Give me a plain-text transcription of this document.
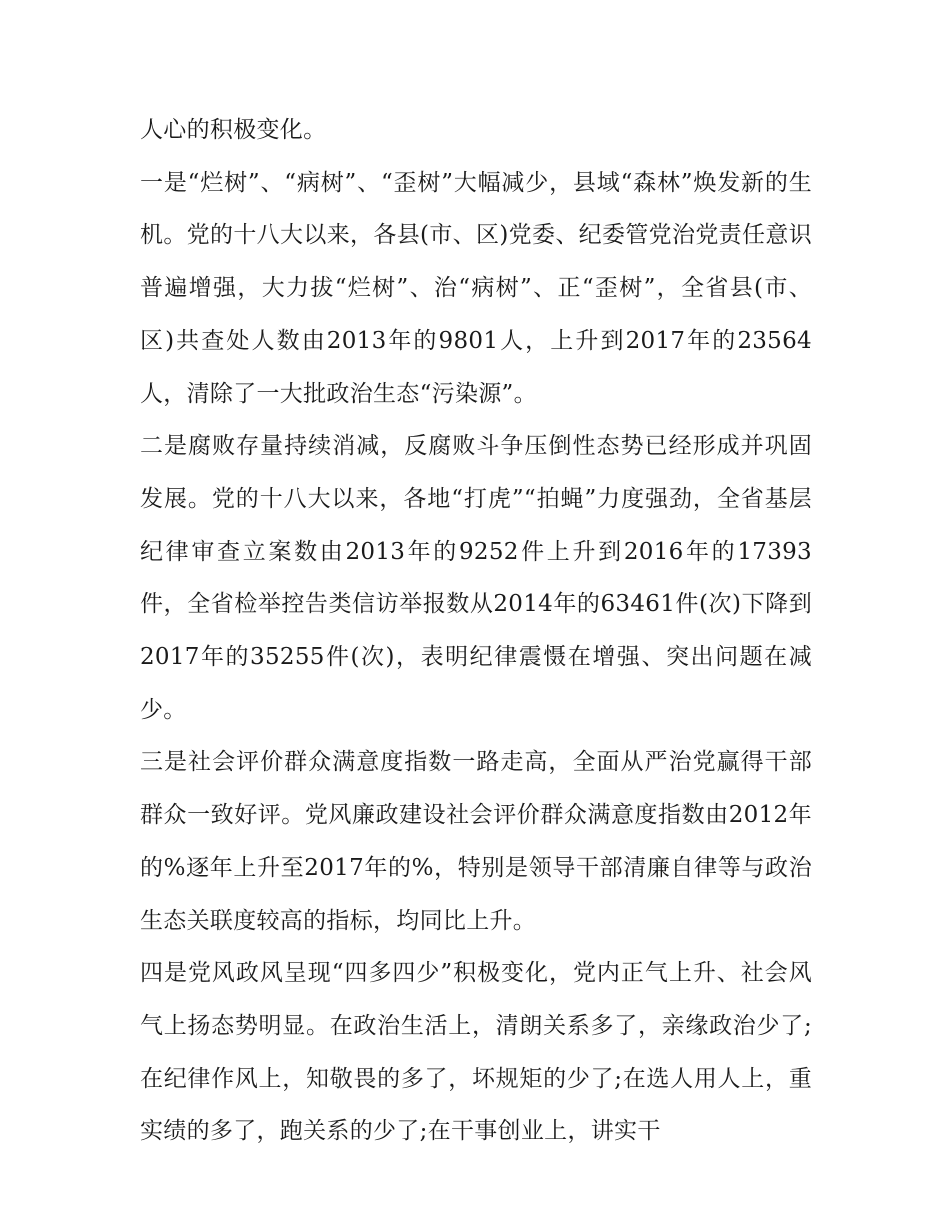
人心的积极变化。

一是“烂树”、“病树”、“歪树”大幅减少，县域“森林”焕发新的生机。党的十八大以来，各县(市、区)党委、纪委管党治党责任意识普遍增强，大力拔“烂树”、治“病树”、正“歪树”，全省县(市、区)共查处人数由2013年的9801人，上升到2017年的23564人，清除了一大批政治生态“污染源”。

二是腐败存量持续消减，反腐败斗争压倒性态势已经形成并巩固发展。党的十八大以来，各地“打虎”“拍蝇”力度强劲，全省基层纪律审查立案数由2013年的9252件上升到2016年的17393件，全省检举控告类信访举报数从2014年的63461件(次)下降到2017年的35255件(次)，表明纪律震慑在增强、突出问题在减少。

三是社会评价群众满意度指数一路走高，全面从严治党赢得干部群众一致好评。党风廉政建设社会评价群众满意度指数由2012年的%逐年上升至2017年的%，特别是领导干部清廉自律等与政治生态关联度较高的指标，均同比上升。

四是党风政风呈现“四多四少”积极变化，党内正气上升、社会风气上扬态势明显。在政治生活上，清朗关系多了，亲缘政治少了;在纪律作风上，知敬畏的多了，坏规矩的少了;在选人用人上，重实绩的多了，跑关系的少了;在干事创业上，讲实干
